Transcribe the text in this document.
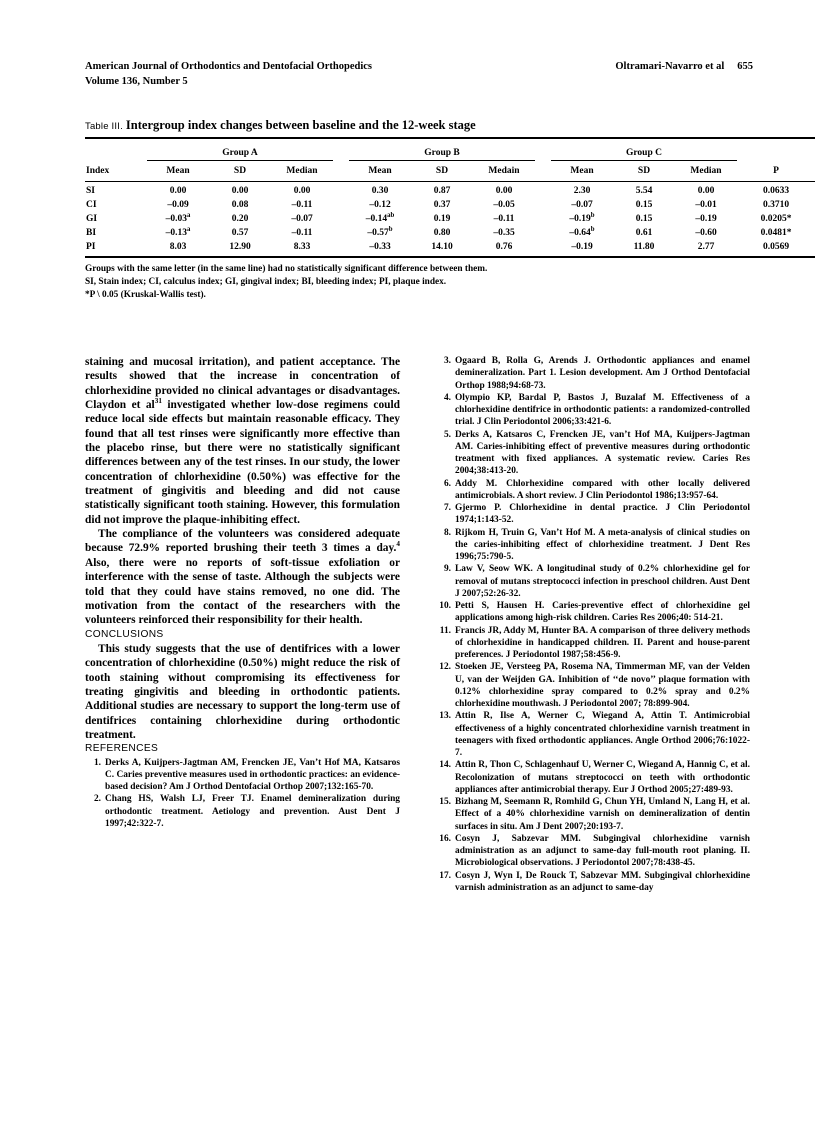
American Journal of Orthodontics and Dentofacial Orthopedics	Oltramari-Navarro et al 655
Volume 136, Number 5
Table III. Intergroup index changes between baseline and the 12-week stage

	Group A				Group B				Group C			
Index	Mean	SD	Median		Mean	SD	Medain		Mean	SD	Median	P

SI	0.00	0.00	0.00		0.30	0.87	0.00		2.30	5.54	0.00	0.0633
CI	–0.09	0.08	–0.11		–0.12	0.37	–0.05		–0.07	0.15	–0.01	0.3710
GI	–0.03$^a$	0.20	–0.07		–0.14$^{ab}$	0.19	–0.11		–0.19$^b$	0.15	–0.19	0.0205*
BI	–0.13$^a$	0.57	–0.11		–0.57$^b$	0.80	–0.35		–0.64$^b$	0.61	–0.60	0.0481*
PI	8.03	12.90	8.33		–0.33	14.10	0.76		–0.19	11.80	2.77	0.0569

Groups with the same letter (in the same line) had no statistically significant difference between them.
SI, Stain index; CI, calculus index; GI, gingival index; BI, bleeding index; PI, plaque index.
*P \ 0.05 (Kruskal-Wallis test).

staining and mucosal irritation), and patient acceptance. The results showed that the increase in concentration of chlorhexidine provided no clinical advantages or disadvantages. Claydon et $al^{31}$ investigated whether low-dose regimens could reduce local side effects but maintain reasonable efficacy. They found that all test rinses were significantly more effective than the placebo rinse, but there were no statistically significant differences between any of the test rinses. In our study, the lower concentration of chlorhexidine (0.50%) was effective for the treatment of gingivitis and bleeding and did not cause statistically significant tooth staining. However, this formulation did not improve the plaque-inhibiting effect.

The compliance of the volunteers was considered adequate because 72.9% reported brushing their teeth 3 times a day.$^4$ Also, there were no reports of soft-tissue exfoliation or interference with the sense of taste. Although the subjects were told that they could have stains removed, no one did. The motivation from the contact of the researchers with the volunteers reinforced their responsibility for their health.

CONCLUSIONS

This study suggests that the use of dentifrices with a lower concentration of chlorhexidine (0.50%) might reduce the risk of tooth staining without compromising its effectiveness for treating gingivitis and bleeding in orthodontic patients. Additional studies are necessary to support the long-term use of dentifrices containing chlorhexidine during orthodontic treatment.

REFERENCES
1. Derks A, Kuijpers-Jagtman AM, Frencken JE, Van’t Hof MA, Katsaros C. Caries preventive measures used in orthodontic practices: an evidence-based decision? Am J Orthod Dentofacial Orthop 2007;132:165-70.
2. Chang HS, Walsh LJ, Freer TJ. Enamel demineralization during orthodontic treatment. Aetiology and prevention. Aust Dent J 1997;42:322-7.
3. Ogaard B, Rolla G, Arends J. Orthodontic appliances and enamel demineralization. Part 1. Lesion development. Am J Orthod Dentofacial Orthop 1988;94:68-73.
4. Olympio KP, Bardal P, Bastos J, Buzalaf M. Effectiveness of a chlorhexidine dentifrice in orthodontic patients: a randomized-controlled trial. J Clin Periodontol 2006;33:421-6.
5. Derks A, Katsaros C, Frencken JE, van’t Hof MA, Kuijpers-Jagtman AM. Caries-inhibiting effect of preventive measures during orthodontic treatment with fixed appliances. A systematic review. Caries Res 2004;38:413-20.
6. Addy M. Chlorhexidine compared with other locally delivered antimicrobials. A short review. J Clin Periodontol 1986;13:957-64.
7. Gjermo P. Chlorhexidine in dental practice. J Clin Periodontol 1974;1:143-52.
8. Rijkom H, Truin G, Van’t Hof M. A meta-analysis of clinical studies on the caries-inhibiting effect of chlorhexidine treatment. J Dent Res 1996;75:790-5.
9. Law V, Seow WK. A longitudinal study of 0.2% chlorhexidine gel for removal of mutans streptococci infection in preschool children. Aust Dent J 2007;52:26-32.
10. Petti S, Hausen H. Caries-preventive effect of chlorhexidine gel applications among high-risk children. Caries Res 2006;40: 514-21.
11. Francis JR, Addy M, Hunter BA. A comparison of three delivery methods of chlorhexidine in handicapped children. II. Parent and house-parent preferences. J Periodontol 1987;58:456-9.
12. Stoeken JE, Versteeg PA, Rosema NA, Timmerman MF, van der Velden U, van der Weijden GA. Inhibition of ‘‘de novo’’ plaque formation with 0.12% chlorhexidine spray compared to 0.2% spray and 0.2% chlorhexidine mouthwash. J Periodontol 2007; 78:899-904.
13. Attin R, Ilse A, Werner C, Wiegand A, Attin T. Antimicrobial effectiveness of a highly concentrated chlorhexidine varnish treatment in teenagers with fixed orthodontic appliances. Angle Orthod 2006;76:1022-7.
14. Attin R, Thon C, Schlagenhauf U, Werner C, Wiegand A, Hannig C, et al. Recolonization of mutans streptococci on teeth with orthodontic appliances after antimicrobial therapy. Eur J Orthod 2005;27:489-93.
15. Bizhang M, Seemann R, Romhild G, Chun YH, Umland N, Lang H, et al. Effect of a 40% chlorhexidine varnish on demineralization of dentin surfaces in situ. Am J Dent 2007;20:193-7.
16. Cosyn J, Sabzevar MM. Subgingival chlorhexidine varnish administration as an adjunct to same-day full-mouth root planing. II. Microbiological observations. J Periodontol 2007;78:438-45.
17. Cosyn J, Wyn I, De Rouck T, Sabzevar MM. Subgingival chlorhexidine varnish administration as an adjunct to same-day
